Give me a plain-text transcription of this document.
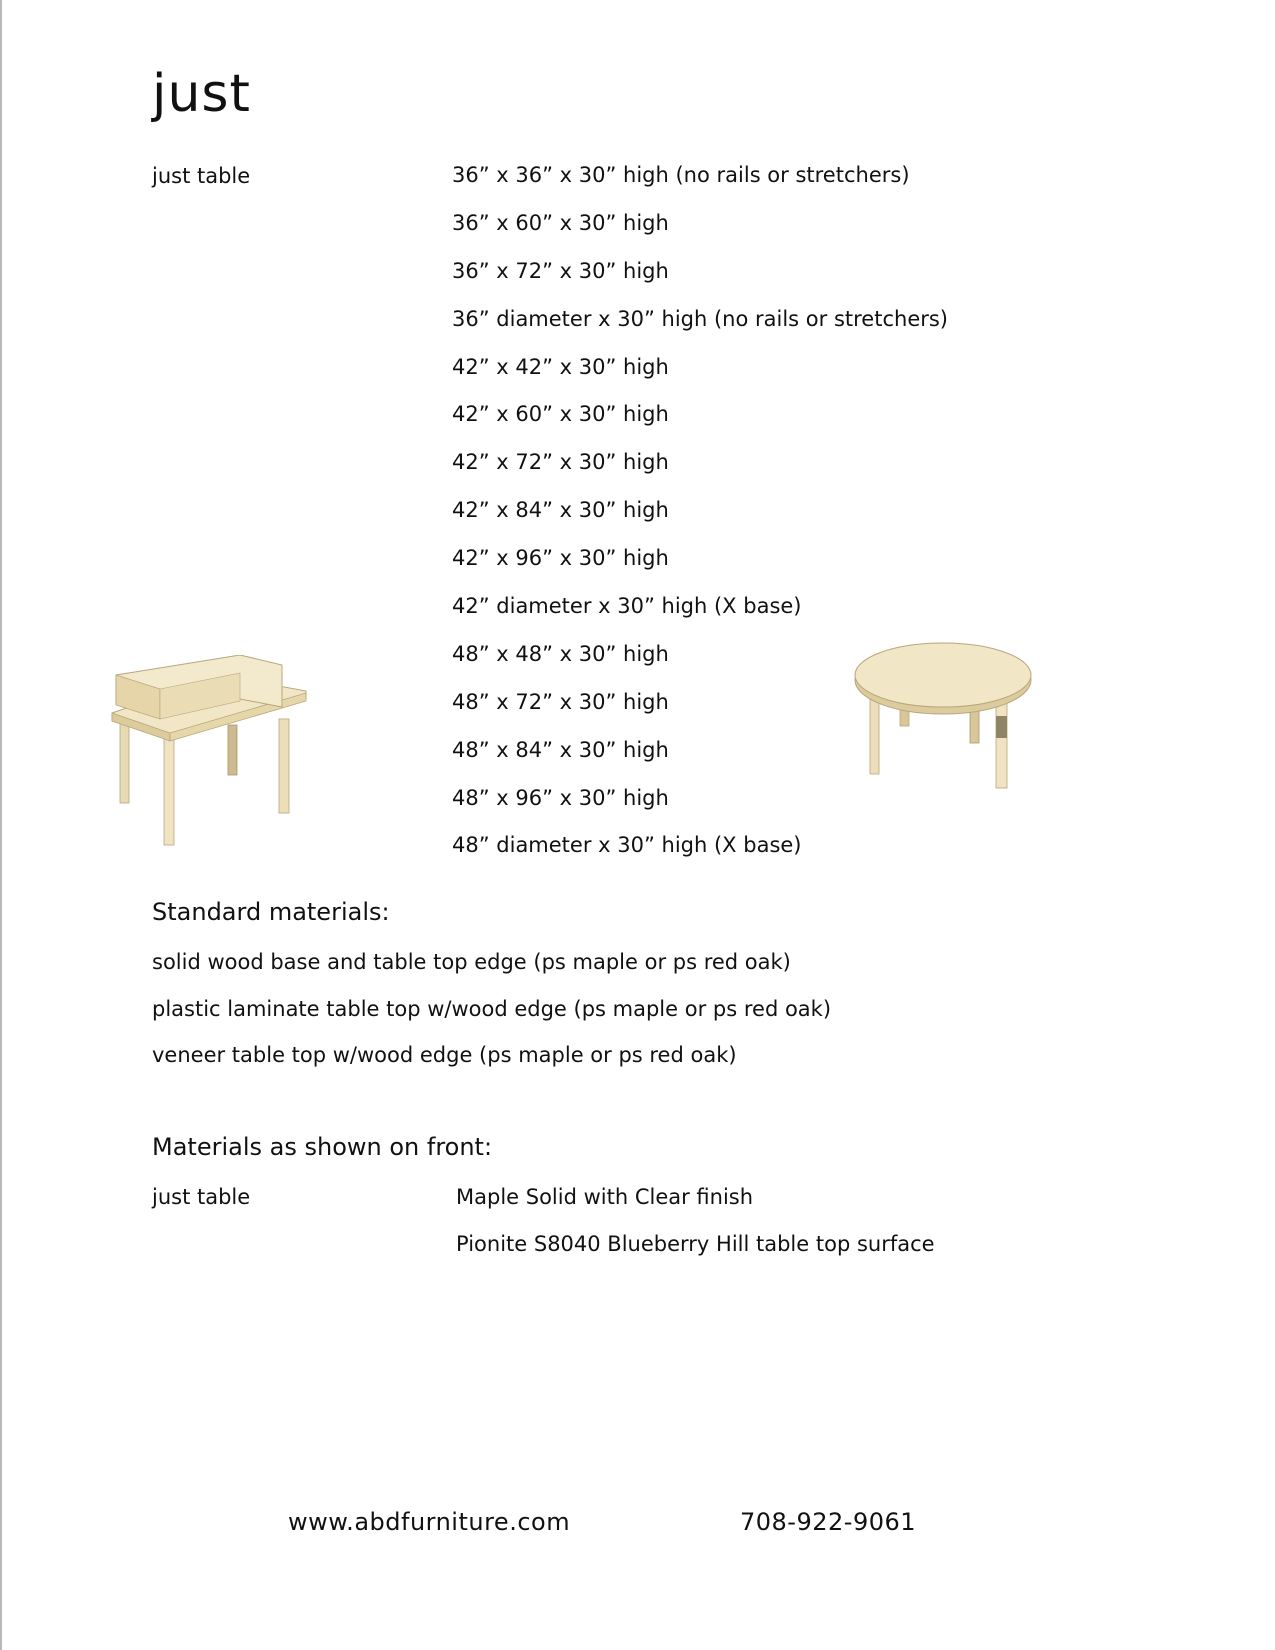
just
just table	36” x 36” x 30” high (no rails or stretchers)
36” x 60” x 30” high
36” x 72” x 30” high
36” diameter x 30” high (no rails or stretchers)
42” x 42” x 30” high
42” x 60” x 30” high
42” x 72” x 30” high
42” x 84” x 30” high
42” x 96” x 30” high
42” diameter x 30” high (X base)
48” x 48” x 30” high
48” x 72” x 30” high
48” x 84” x 30” high
48” x 96” x 30” high
48” diameter x 30” high (X base)
Standard materials:
solid wood base and table top edge (ps maple or ps red oak)
plastic laminate table top w/wood edge (ps maple or ps red oak)
veneer table top w/wood edge (ps maple or ps red oak)
Materials as shown on front:
just table	Maple Solid with Clear finish
Pionite S8040 Blueberry Hill table top surface
www.abdfurniture.com	708-922-9061
